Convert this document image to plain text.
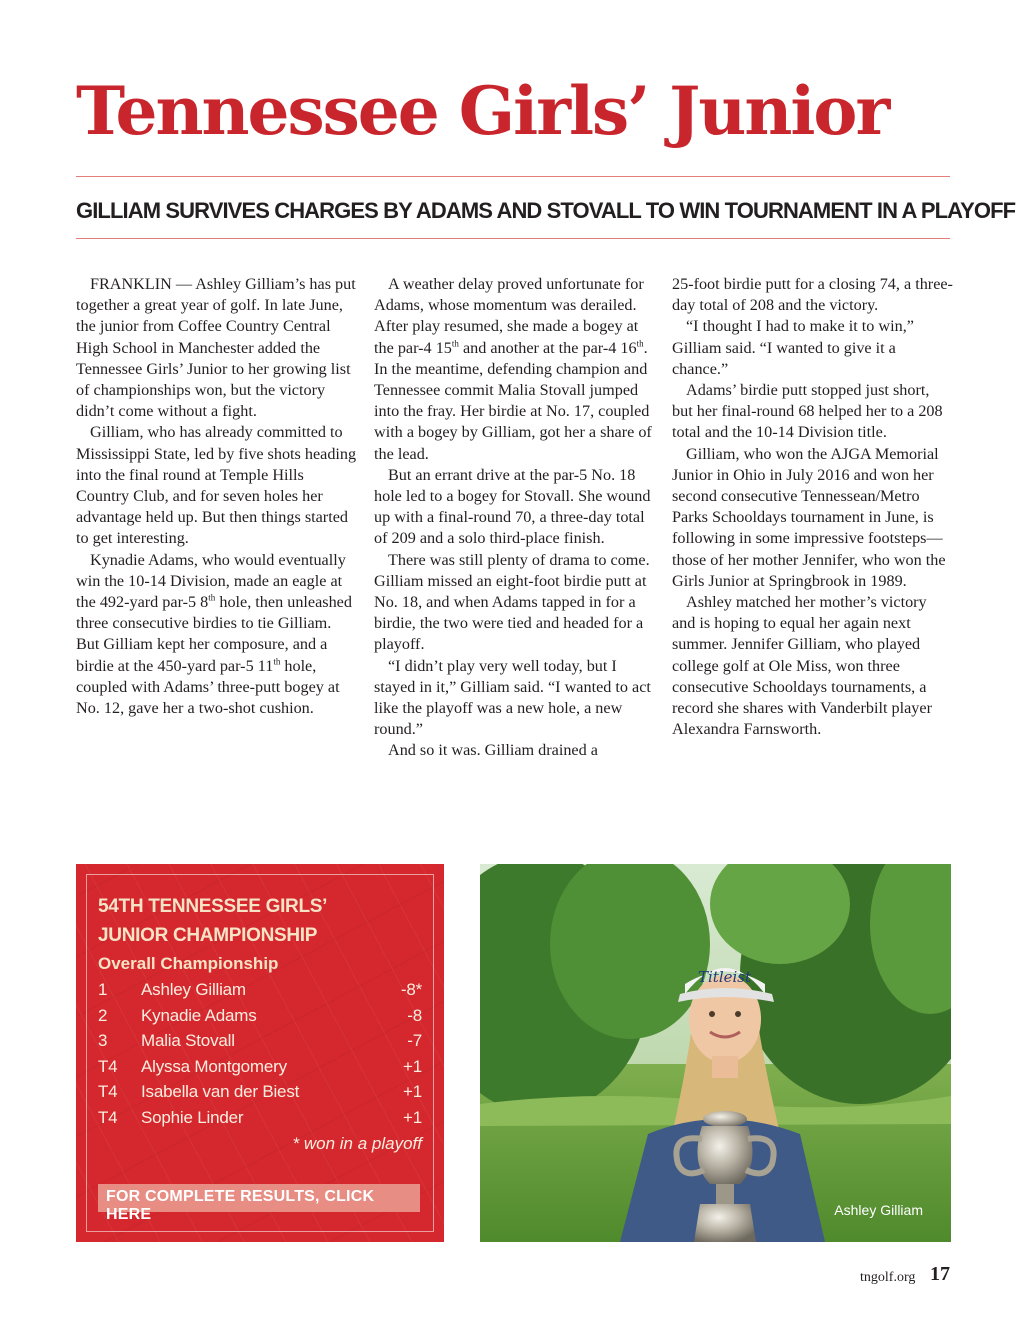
Tennessee Girls’ Junior
GILLIAM SURVIVES CHARGES BY ADAMS AND STOVALL TO WIN TOURNAMENT IN A PLAYOFF

FRANKLIN — Ashley Gilliam’s has put together a great year of golf. In late June, the junior from Coffee Country Central High School in Manchester added the Tennessee Girls’ Junior to her growing list of championships won, but the victory didn’t come without a fight.

Gilliam, who has already committed to Mississippi State, led by five shots heading into the final round at Temple Hills Country Club, and for seven holes her advantage held up. But then things started to get interesting.

Kynadie Adams, who would eventually win the 10-14 Division, made an eagle at the 492-yard par-5 8th hole, then unleashed three consecutive birdies to tie Gilliam. But Gilliam kept her composure, and a birdie at the 450-yard par-5 11th hole, coupled with Adams’ three-putt bogey at No. 12, gave her a two-shot cushion.

A weather delay proved unfortunate for Adams, whose momentum was derailed. After play resumed, she made a bogey at the par-4 15th and another at the par-4 16th. In the meantime, defending champion and Tennessee commit Malia Stovall jumped into the fray. Her birdie at No. 17, coupled with a bogey by Gilliam, got her a share of the lead.

But an errant drive at the par-5 No. 18 hole led to a bogey for Stovall. She wound up with a final-round 70, a three-day total of 209 and a solo third-place finish.

There was still plenty of drama to come. Gilliam missed an eight-foot birdie putt at No. 18, and when Adams tapped in for a birdie, the two were tied and headed for a playoff.

“I didn’t play very well today, but I stayed in it,” Gilliam said. “I wanted to act like the playoff was a new hole, a new round.”

And so it was. Gilliam drained a

25-foot birdie putt for a closing 74, a three-day total of 208 and the victory.

“I thought I had to make it to win,” Gilliam said. “I wanted to give it a chance.”

Adams’ birdie putt stopped just short, but her final-round 68 helped her to a 208 total and the 10-14 Division title.

Gilliam, who won the AJGA Memorial Junior in Ohio in July 2016 and won her second consecutive Tennessean/Metro Parks Schooldays tournament in June, is following in some impressive footsteps—those of her mother Jennifer, who won the Girls Junior at Springbrook in 1989.

Ashley matched her mother’s victory and is hoping to equal her again next summer. Jennifer Gilliam, who played college golf at Ole Miss, won three consecutive Schooldays tournaments, a record she shares with Vanderbilt player Alexandra Farnsworth.

54TH TENNESSEE GIRLS’
JUNIOR CHAMPIONSHIP
Overall Championship
1 Ashley Gilliam	-8*
2 Kynadie Adams	-8
3 Malia Stovall	-7
T4 Alyssa Montgomery	+1
T4 Isabella van der Biest	+1
T4 Sophie Linder	+1
* won in a playoff
FOR COMPLETE RESULTS, CLICK HERE
Titleist
Ashley Gilliam
tngolf.org 17
